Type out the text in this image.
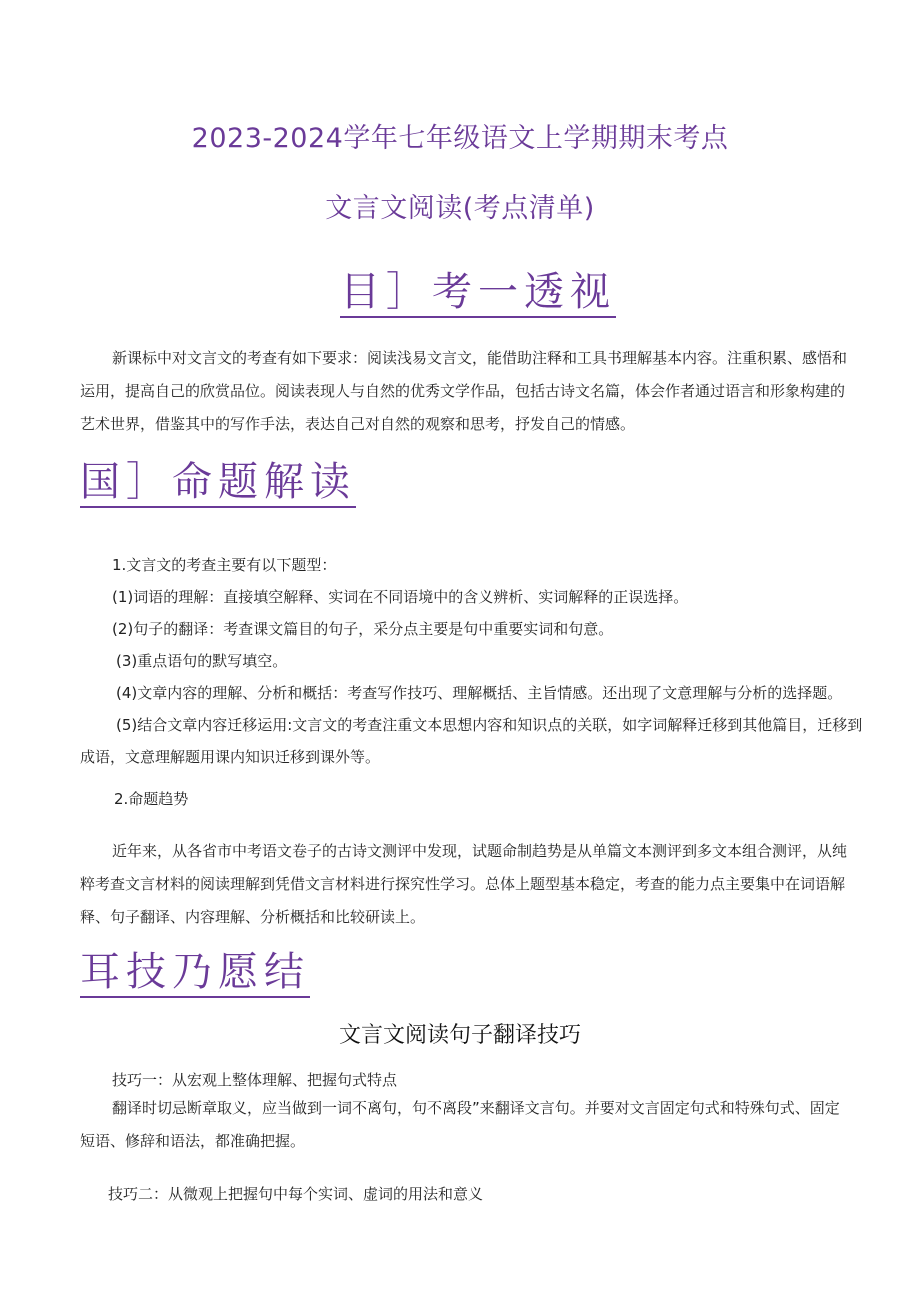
2023-2024学年七年级语文上学期期末考点
文言文阅读(考点清单)
目］考一透视
新课标中对文言文的考查有如下要求：阅读浅易文言文，能借助注释和工具书理解基本内容。注重积累、感悟和运用，提高自己的欣赏品位。阅读表现人与自然的优秀文学作品，包括古诗文名篇，体会作者通过语言和形象构建的艺术世界，借鉴其中的写作手法，表达自己对自然的观察和思考，抒发自己的情感。
国］命题解读
1.文言文的考查主要有以下题型：
(1)词语的理解：直接填空解释、实词在不同语境中的含义辨析、实词解释的正误选择。
(2)句子的翻译：考查课文篇目的句子，采分点主要是句中重要实词和句意。
(3)重点语句的默写填空。
(4)文章内容的理解、分析和概括：考查写作技巧、理解概括、主旨情感。还出现了文意理解与分析的选择题。
(5)结合文章内容迁移运用:文言文的考查注重文本思想内容和知识点的关联，如字词解释迁移到其他篇目，迁移到
成语，文意理解题用课内知识迁移到课外等。
2.命题趋势
近年来，从各省市中考语文卷子的古诗文测评中发现，试题命制趋势是从单篇文本测评到多文本组合测评，从纯粹考查文言材料的阅读理解到凭借文言材料进行探究性学习。总体上题型基本稳定，考查的能力点主要集中在词语解释、句子翻译、内容理解、分析概括和比较研读上。
耳技乃愿结
文言文阅读句子翻译技巧
技巧一：从宏观上整体理解、把握句式特点
翻译时切忌断章取义，应当做到一词不离句，句不离段”来翻译文言句。并要对文言固定句式和特殊句式、固定短语、修辞和语法，都准确把握。
技巧二：从微观上把握句中每个实词、虚词的用法和意义
